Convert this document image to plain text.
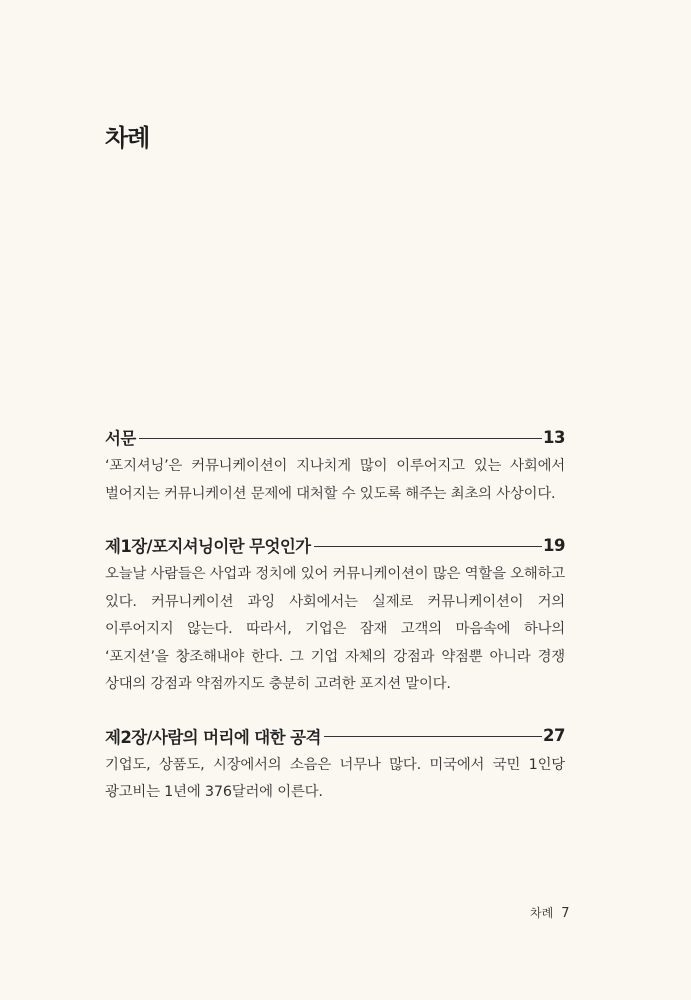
차례
서문	13

‘포지셔닝’은 커뮤니케이션이 지나치게 많이 이루어지고 있는 사회에서 벌어지는 커뮤니케이션 문제에 대처할 수 있도록 해주는 최초의 사상이다.

제1장/포지셔닝이란 무엇인가	19

오늘날 사람들은 사업과 정치에 있어 커뮤니케이션이 많은 역할을 오해하고 있다. 커뮤니케이션 과잉 사회에서는 실제로 커뮤니케이션이 거의 이루어지지 않는다. 따라서, 기업은 잠재 고객의 마음속에 하나의 ‘포지션’을 창조해내야 한다. 그 기업 자체의 강점과 약점뿐 아니라 경쟁 상대의 강점과 약점까지도 충분히 고려한 포지션 말이다.

제2장/사람의 머리에 대한 공격	27

기업도, 상품도, 시장에서의 소음은 너무나 많다. 미국에서 국민 1인당 광고비는 1년에 376달러에 이른다.

차례 7
